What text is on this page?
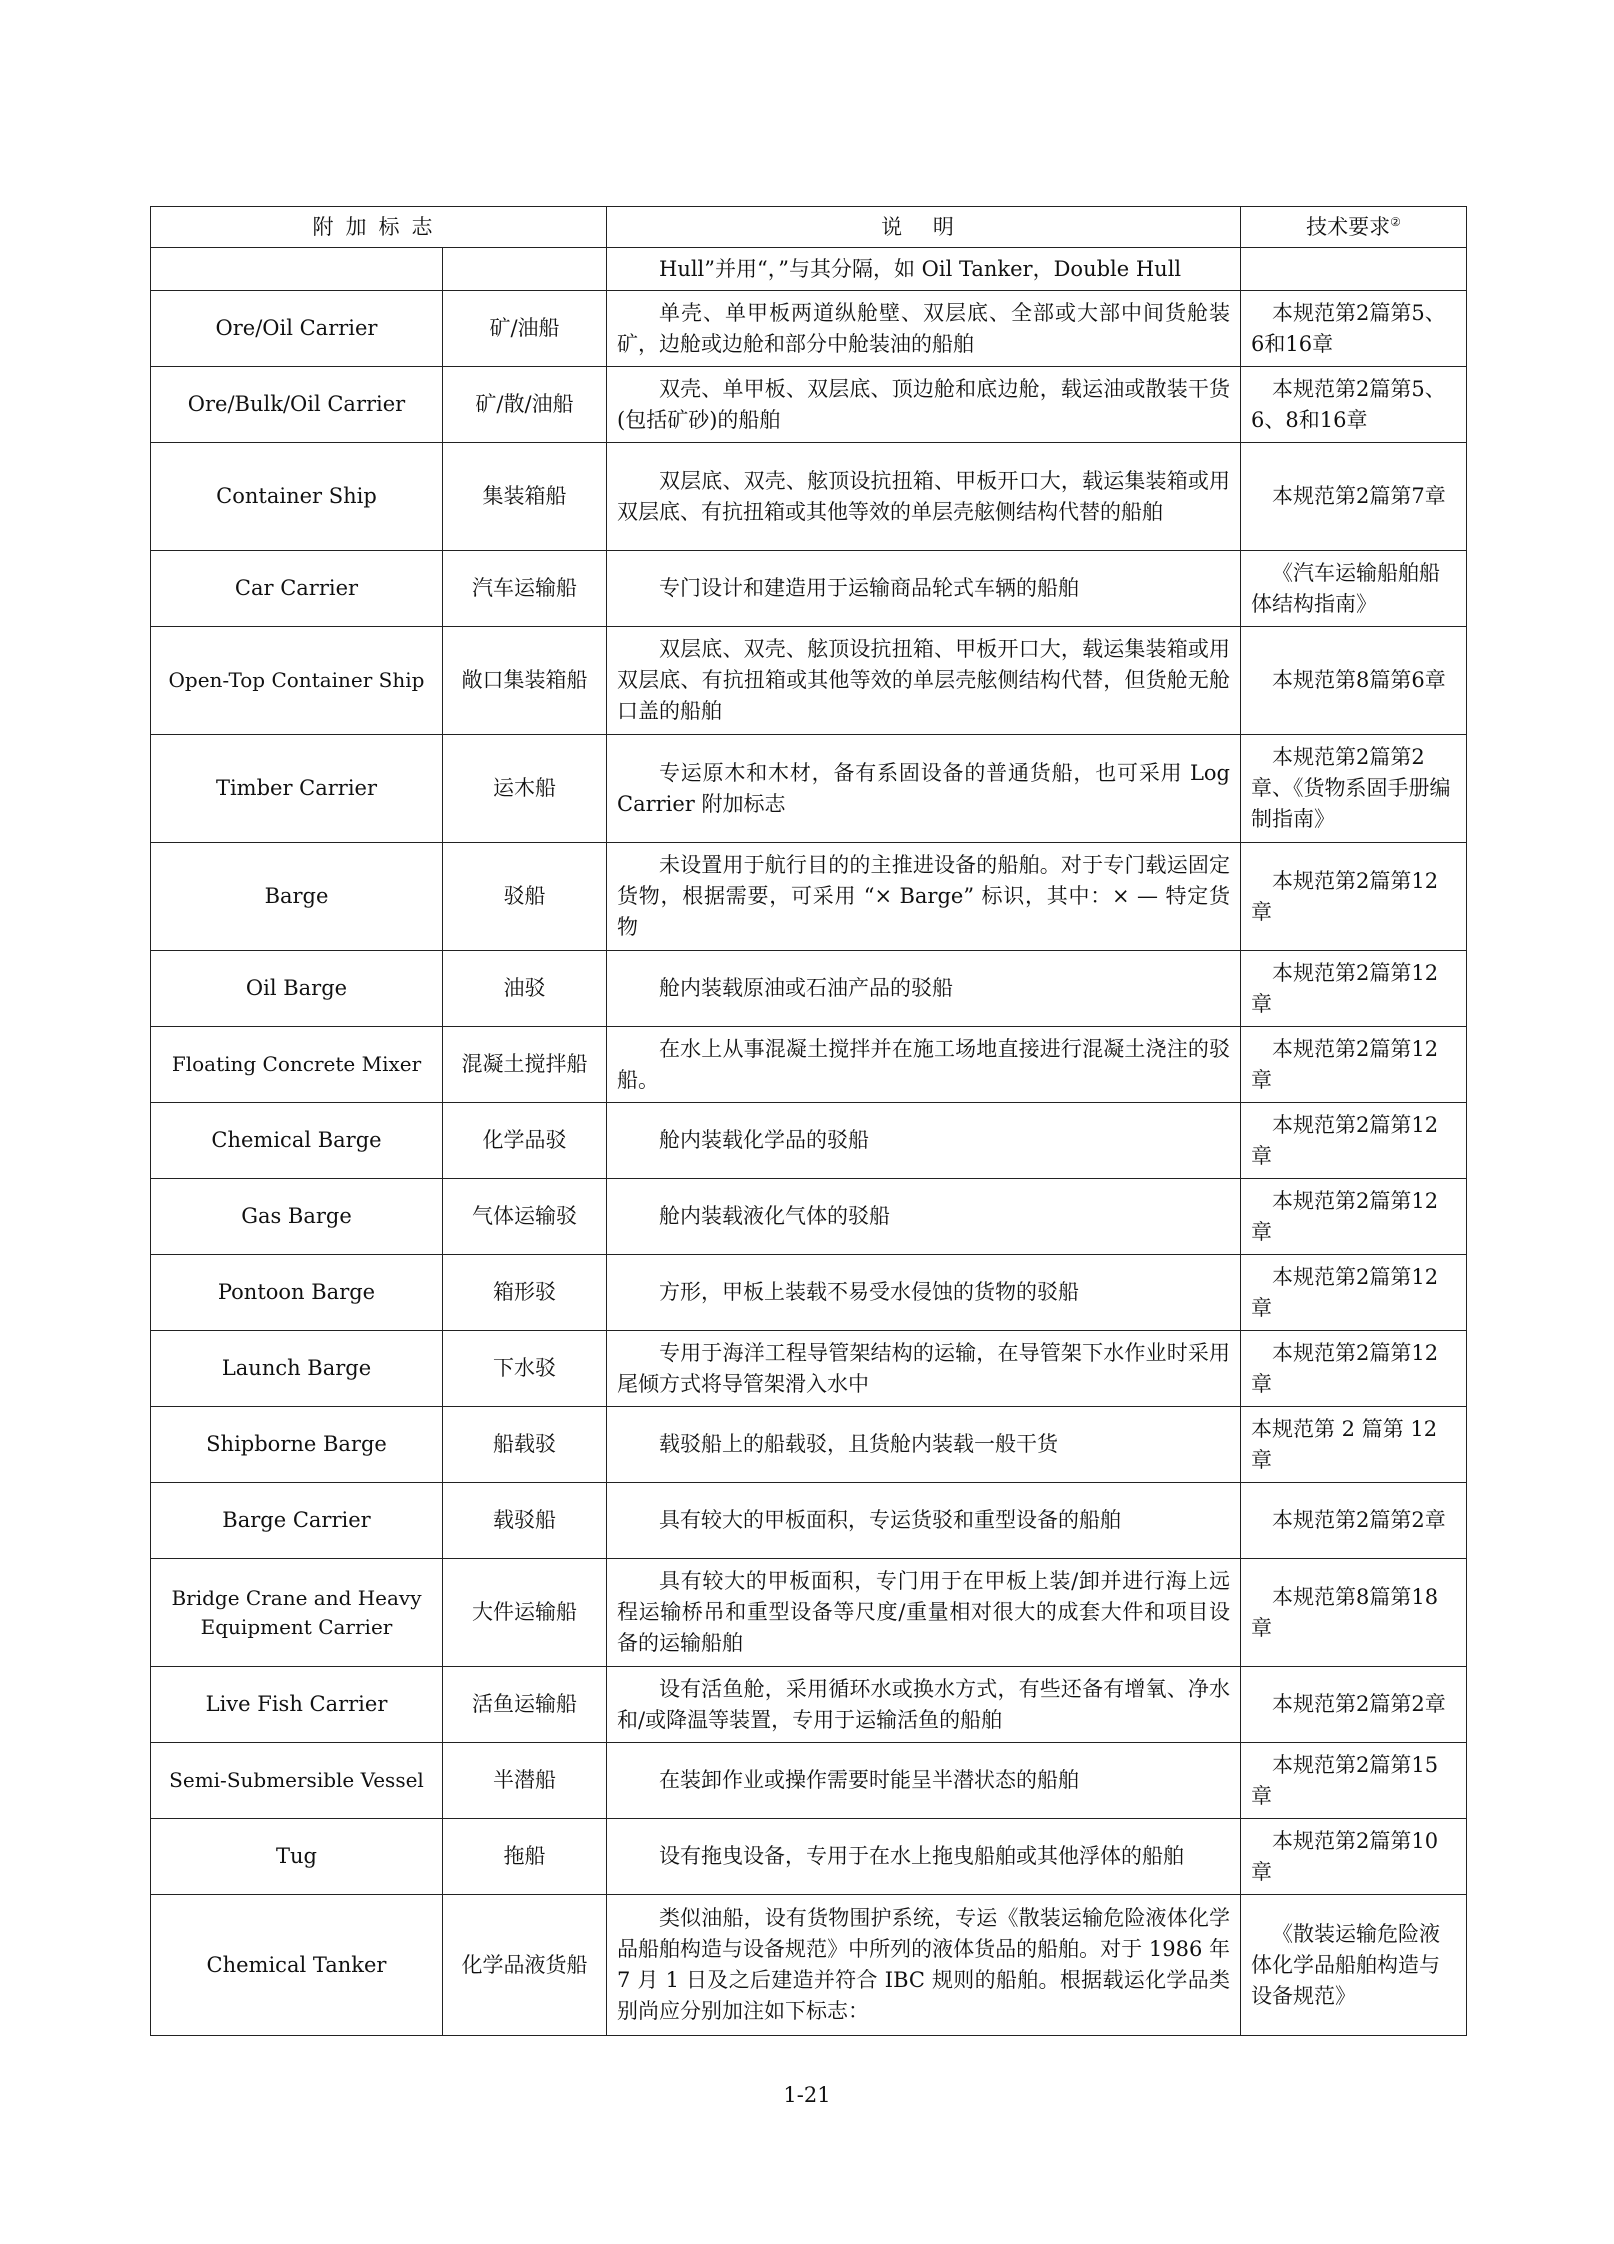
附加标志		说 明	技术要求②
		Hull”并用“，”与其分隔，如 Oil Tanker，Double Hull	
Ore/Oil Carrier	矿/油船	单壳、单甲板两道纵舱壁、双层底、全部或大部中间货舱装矿，边舱或边舱和部分中舱装油的船舶	本规范第2篇第5、6和16章
Ore/Bulk/Oil Carrier	矿/散/油船	双壳、单甲板、双层底、顶边舱和底边舱，载运油或散装干货(包括矿砂)的船舶	本规范第2篇第5、6、8和16章
Container Ship	集装箱船	双层底、双壳、舷顶设抗扭箱、甲板开口大，载运集装箱或用双层底、有抗扭箱或其他等效的单层壳舷侧结构代替的船舶	本规范第2篇第7章
Car Carrier	汽车运输船	专门设计和建造用于运输商品轮式车辆的船舶	《汽车运输船舶船体结构指南》
Open-Top Container Ship	敞口集装箱船	双层底、双壳、舷顶设抗扭箱、甲板开口大，载运集装箱或用双层底、有抗扭箱或其他等效的单层壳舷侧结构代替，但货舱无舱口盖的船舶	本规范第8篇第6章
Timber Carrier	运木船	专运原木和木材，备有系固设备的普通货船，也可采用 Log Carrier 附加标志	本规范第2篇第2章、《货物系固手册编制指南》
Barge	驳船	未设置用于航行目的的主推进设备的船舶。对于专门载运固定货物，根据需要，可采用 “× Barge” 标识，其中：× — 特定货物	本规范第2篇第12章
Oil Barge	油驳	舱内装载原油或石油产品的驳船	本规范第2篇第12章
Floating Concrete Mixer	混凝土搅拌船	在水上从事混凝土搅拌并在施工场地直接进行混凝土浇注的驳船。	本规范第2篇第12章
Chemical Barge	化学品驳	舱内装载化学品的驳船	本规范第2篇第12章
Gas Barge	气体运输驳	舱内装载液化气体的驳船	本规范第2篇第12章
Pontoon Barge	箱形驳	方形，甲板上装载不易受水侵蚀的货物的驳船	本规范第2篇第12章
Launch Barge	下水驳	专用于海洋工程导管架结构的运输，在导管架下水作业时采用尾倾方式将导管架滑入水中	本规范第2篇第12章
Shipborne Barge	船载驳	载驳船上的船载驳，且货舱内装载一般干货	本规范第 2 篇第 12 章
Barge Carrier	载驳船	具有较大的甲板面积，专运货驳和重型设备的船舶	本规范第2篇第2章
Bridge Crane and Heavy Equipment Carrier	大件运输船	具有较大的甲板面积，专门用于在甲板上装/卸并进行海上远程运输桥吊和重型设备等尺度/重量相对很大的成套大件和项目设备的运输船舶	本规范第8篇第18章
Live Fish Carrier	活鱼运输船	设有活鱼舱，采用循环水或换水方式，有些还备有增氧、净水和/或降温等装置，专用于运输活鱼的船舶	本规范第2篇第2章
Semi-Submersible Vessel	半潜船	在装卸作业或操作需要时能呈半潜状态的船舶	本规范第2篇第15章
Tug	拖船	设有拖曳设备，专用于在水上拖曳船舶或其他浮体的船舶	本规范第2篇第10章
Chemical Tanker	化学品液货船	类似油船，设有货物围护系统，专运《散装运输危险液体化学品船舶构造与设备规范》中所列的液体货品的船舶。对于 1986 年 7 月 1 日及之后建造并符合 IBC 规则的船舶。根据载运化学品类别尚应分别加注如下标志：	《散装运输危险液体化学品船舶构造与设备规范》
1-21
